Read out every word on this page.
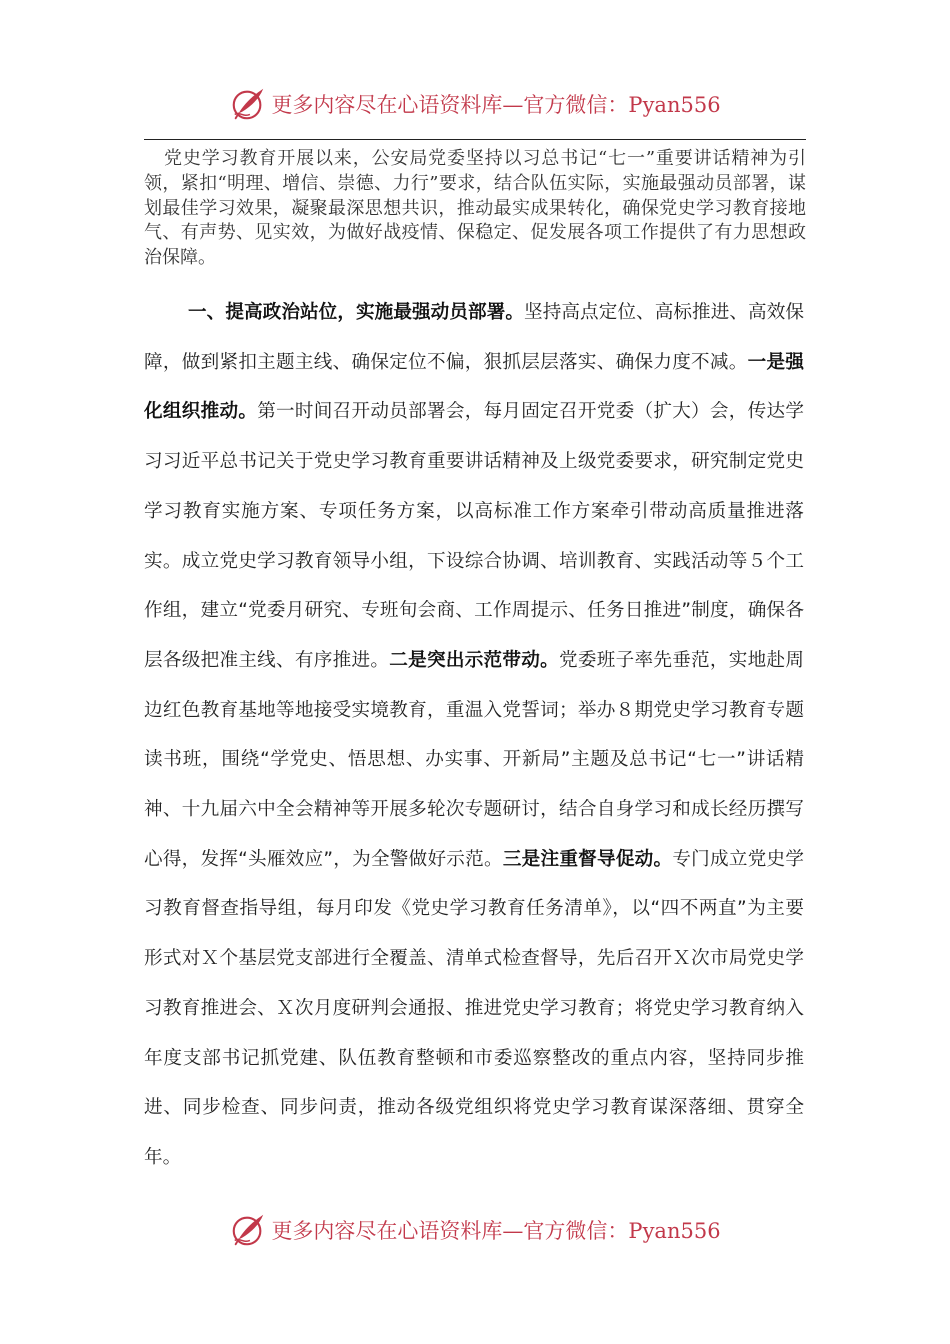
更多内容尽在心语资料库—官方微信：Pyan556

党史学习教育开展以来，公安局党委坚持以习总书记“七一”重要讲话精神为引领，紧扣“明理、增信、崇德、力行”要求，结合队伍实际，实施最强动员部署，谋划最佳学习效果，凝聚最深思想共识，推动最实成果转化，确保党史学习教育接地气、有声势、见实效，为做好战疫情、保稳定、促发展各项工作提供了有力思想政治保障。

一、提高政治站位，实施最强动员部署。坚持高点定位、高标推进、高效保障，做到紧扣主题主线、确保定位不偏，狠抓层层落实、确保力度不减。一是强化组织推动。第一时间召开动员部署会，每月固定召开党委（扩大）会，传达学习习近平总书记关于党史学习教育重要讲话精神及上级党委要求，研究制定党史学习教育实施方案、专项任务方案，以高标准工作方案牵引带动高质量推进落实。成立党史学习教育领导小组，下设综合协调、培训教育、实践活动等５个工作组，建立“党委月研究、专班旬会商、工作周提示、任务日推进”制度，确保各层各级把准主线、有序推进。二是突出示范带动。党委班子率先垂范，实地赴周边红色教育基地等地接受实境教育，重温入党誓词；举办８期党史学习教育专题读书班，围绕“学党史、悟思想、办实事、开新局”主题及总书记“七一”讲话精神、十九届六中全会精神等开展多轮次专题研讨，结合自身学习和成长经历撰写心得，发挥“头雁效应”，为全警做好示范。三是注重督导促动。专门成立党史学习教育督查指导组，每月印发《党史学习教育任务清单》，以“四不两直”为主要形式对Ｘ个基层党支部进行全覆盖、清单式检查督导，先后召开Ｘ次市局党史学习教育推进会、Ｘ次月度研判会通报、推进党史学习教育；将党史学习教育纳入年度支部书记抓党建、队伍教育整顿和市委巡察整改的重点内容，坚持同步推进、同步检查、同步问责，推动各级党组织将党史学习教育谋深落细、贯穿全年。

更多内容尽在心语资料库—官方微信：Pyan556
